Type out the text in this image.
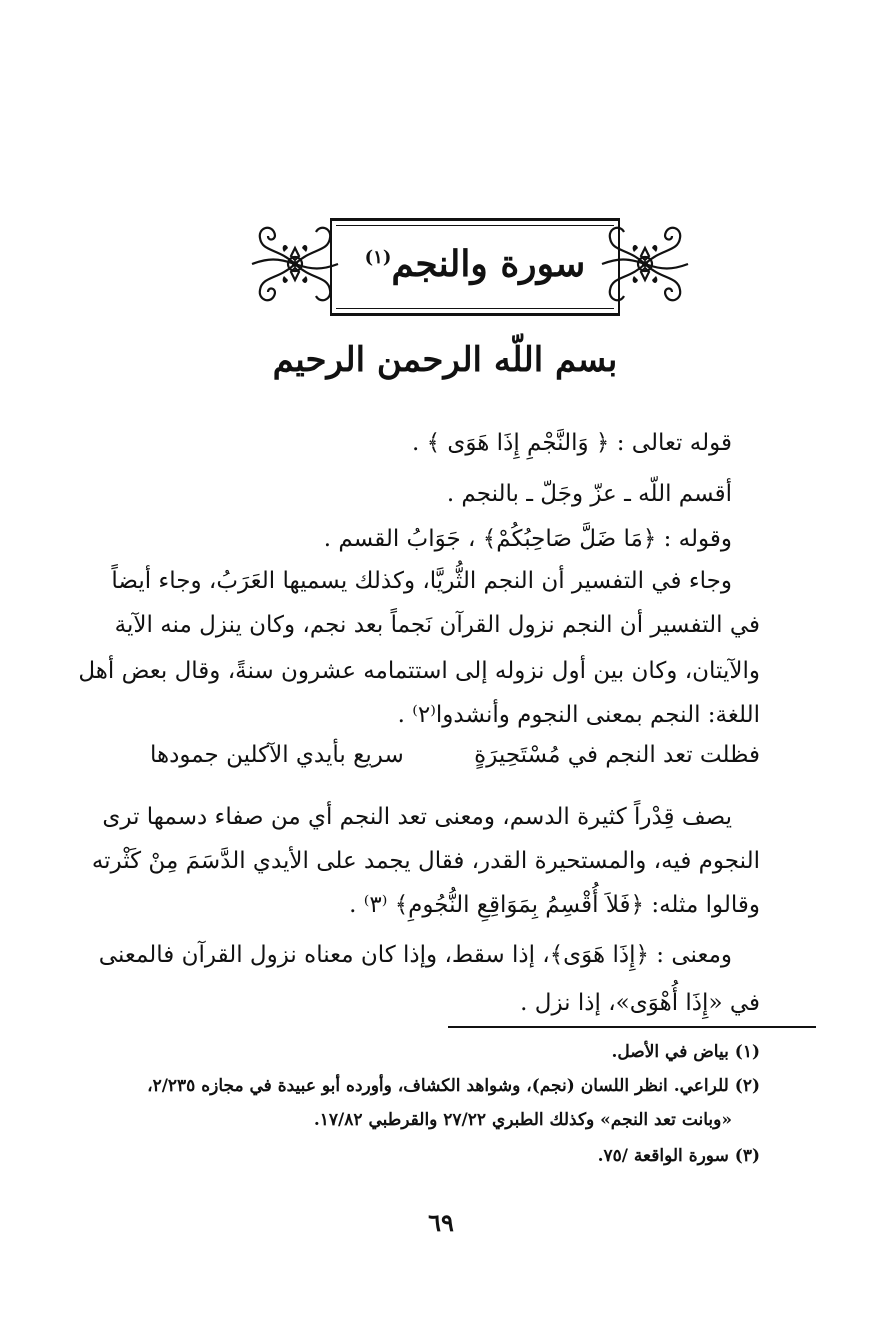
سورة والنجم$^{(١)}$
بسم اللّه الرحمن الرحيم
قوله تعالى : ﴿ وَالنَّجْمِ إِذَا هَوَى ﴾ .
أقسم اللّه ـ عزّ وجَلّ ـ بالنجم .
وقوله : ﴿مَا ضَلَّ صَاحِبُكُمْ﴾ ، جَوَابُ القسم .
وجاء في التفسير أن النجم الثُّريَّا، وكذلك يسميها العَرَبُ، وجاء أيضاً
في التفسير أن النجم نزول القرآن نَجماً بعد نجم، وكان ينزل منه الآية
والآيتان، وكان بين أول نزوله إلى استتمامه عشرون سنةً، وقال بعض أهل
اللغة: النجم بمعنى النجوم وأنشدوا⁽٢⁾ .
فظلت تعد النجم في مُسْتَحِيرَةٍ
سريع بأيدي الآكلين جمودها
يصف قِدْراً كثيرة الدسم، ومعنى تعد النجم أي من صفاء دسمها ترى
النجوم فيه، والمستحيرة القدر، فقال يجمد على الأيدي الدَّسَمَ مِنْ كَثْرته
وقالوا مثله: ﴿فَلاَ أُقْسِمُ بِمَوَاقِعِ النُّجُومِ﴾ ⁽٣⁾ .
ومعنى : ﴿إِذَا هَوَى﴾، إذا سقط، وإذا كان معناه نزول القرآن فالمعنى
في «إِذَا أُهْوَى»، إذا نزل .
(١) بياض في الأصل.
(٢) للراعي. انظر اللسان (نجم)، وشواهد الكشاف، وأورده أبو عبيدة في مجازه ٢/٢٣٥،
«وبانت تعد النجم» وكذلك الطبري ٢٧/٢٢ والقرطبي ١٧/٨٢.
(٣) سورة الواقعة /٧٥.
٦٩
